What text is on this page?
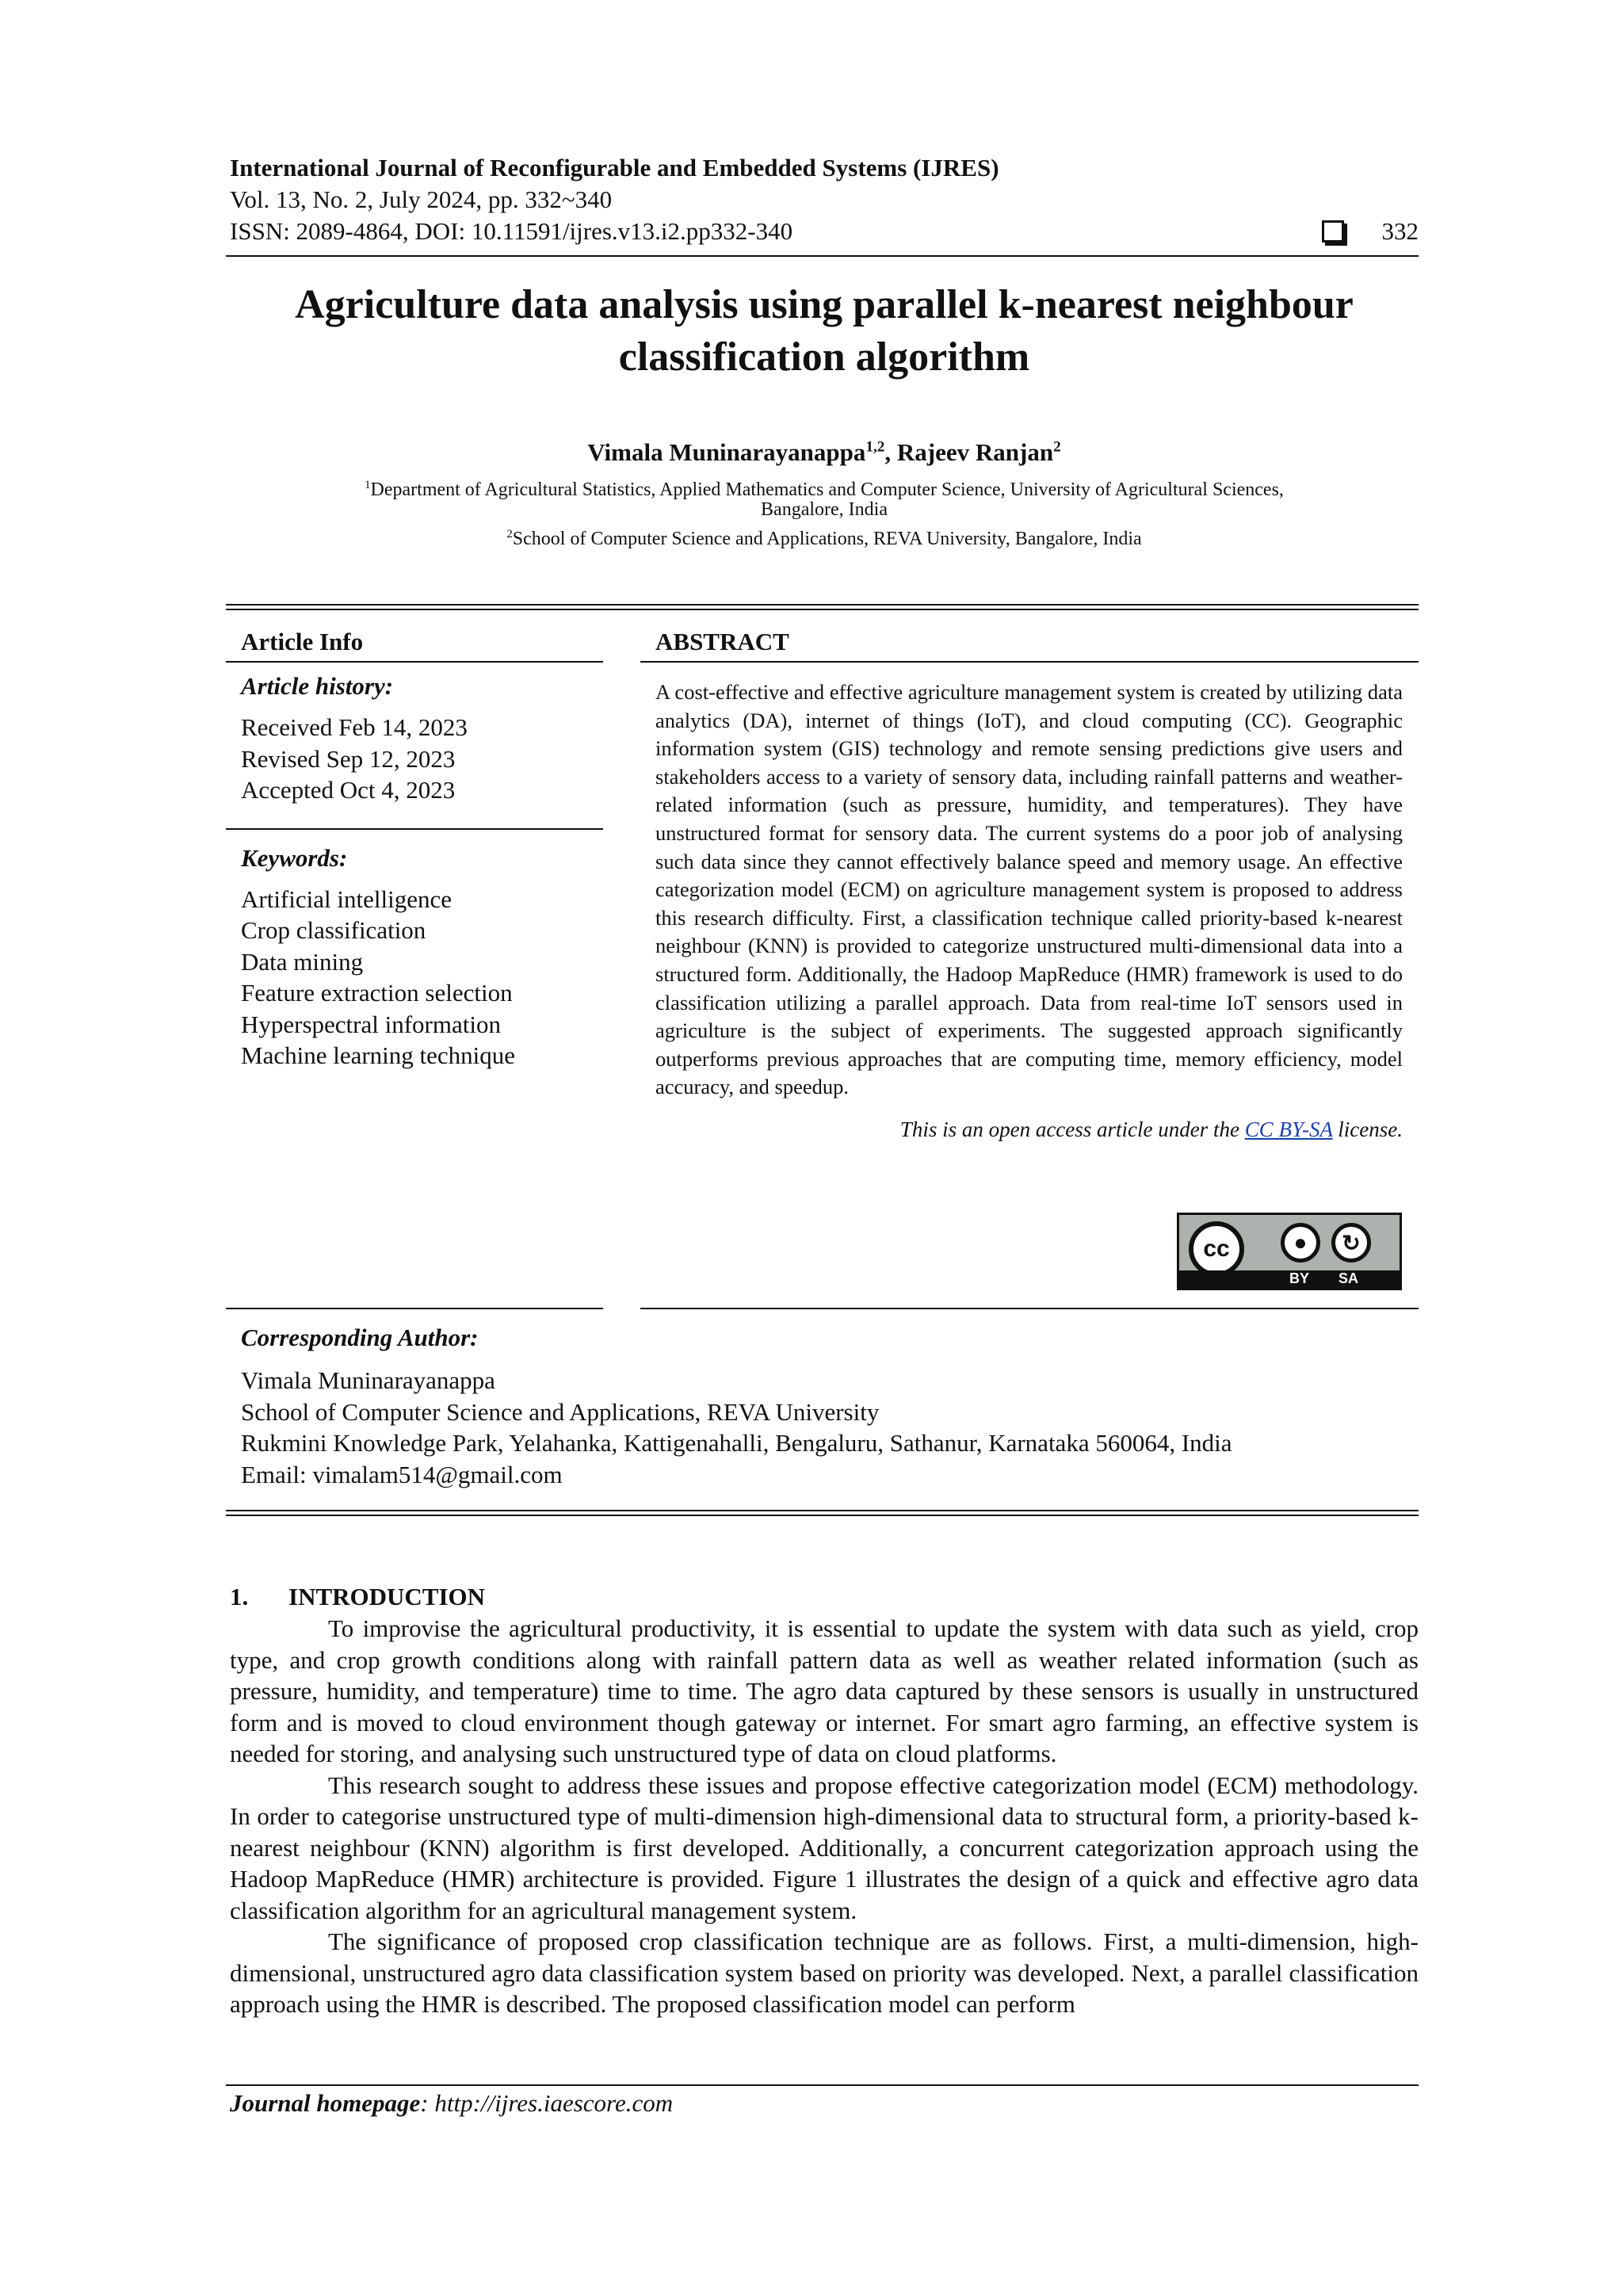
International Journal of Reconfigurable and Embedded Systems (IJRES)
Vol. 13, No. 2, July 2024, pp. 332~340
ISSN: 2089-4864, DOI: 10.11591/ijres.v13.i2.pp332-340	332
Agriculture data analysis using parallel k-nearest neighbour
classification algorithm
Vimala Muninarayanappa$^{1,2}$, Rajeev Ranjan$^2$
$^1$Department of Agricultural Statistics, Applied Mathematics and Computer Science, University of Agricultural Sciences,
Bangalore, India
$^2$School of Computer Science and Applications, REVA University, Bangalore, India
Article Info
Article history:
Received Feb 14, 2023
Revised Sep 12, 2023
Accepted Oct 4, 2023
Keywords:
Artificial intelligence
Crop classification
Data mining
Feature extraction selection
Hyperspectral information
Machine learning technique
ABSTRACT
A cost-effective and effective agriculture management system is created by utilizing data analytics (DA), internet of things (IoT), and cloud computing (CC). Geographic information system (GIS) technology and remote sensing predictions give users and stakeholders access to a variety of sensory data, including rainfall patterns and weather-related information (such as pressure, humidity, and temperatures). They have unstructured format for sensory data. The current systems do a poor job of analysing such data since they cannot effectively balance speed and memory usage. An effective categorization model (ECM) on agriculture management system is proposed to address this research difficulty. First, a classification technique called priority-based k-nearest neighbour (KNN) is provided to categorize unstructured multi-dimensional data into a structured form. Additionally, the Hadoop MapReduce (HMR) framework is used to do classification utilizing a parallel approach. Data from real-time IoT sensors used in agriculture is the subject of experiments. The suggested approach significantly outperforms previous approaches that are computing time, memory efficiency, model accuracy, and speedup.
This is an open access article under the CC BY-SA license.
cc	●	↻
BY SA
Corresponding Author:
Vimala Muninarayanappa
School of Computer Science and Applications, REVA University
Rukmini Knowledge Park, Yelahanka, Kattigenahalli, Bengaluru, Sathanur, Karnataka 560064, India
Email: vimalam514@gmail.com
1. INTRODUCTION

To improvise the agricultural productivity, it is essential to update the system with data such as yield, crop type, and crop growth conditions along with rainfall pattern data as well as weather related information (such as pressure, humidity, and temperature) time to time. The agro data captured by these sensors is usually in unstructured form and is moved to cloud environment though gateway or internet. For smart agro farming, an effective system is needed for storing, and analysing such unstructured type of data on cloud platforms.

This research sought to address these issues and propose effective categorization model (ECM) methodology. In order to categorise unstructured type of multi-dimension high-dimensional data to structural form, a priority-based k-nearest neighbour (KNN) algorithm is first developed. Additionally, a concurrent categorization approach using the Hadoop MapReduce (HMR) architecture is provided. Figure 1 illustrates the design of a quick and effective agro data classification algorithm for an agricultural management system.

The significance of proposed crop classification technique are as follows. First, a multi-dimension, high-dimensional, unstructured agro data classification system based on priority was developed. Next, a parallel classification approach using the HMR is described. The proposed classification model can perform

Journal homepage: http://ijres.iaescore.com
